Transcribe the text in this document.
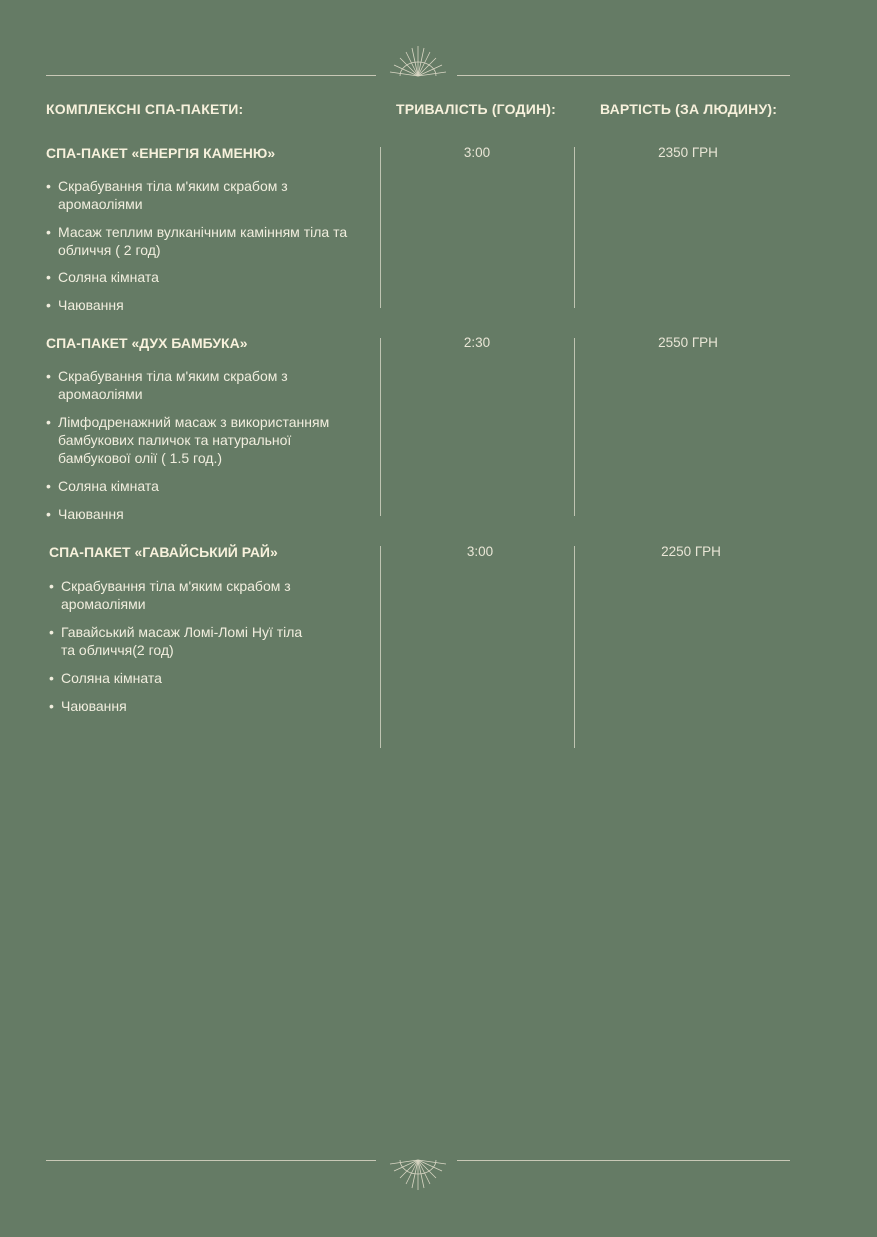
КОМПЛЕКСНІ СПА-ПАКЕТИ:	ТРИВАЛІСТЬ (ГОДИН):	ВАРТІСТЬ (ЗА ЛЮДИНУ):
СПА-ПАКЕТ «ЕНЕРГІЯ КАМЕНЮ»	3:00	2350 ГРН
• Скрабування тіла м'яким скрабом з
аромаоліями
• Масаж теплим вулканічним камінням тіла та
обличчя ( 2 год)
• Соляна кімната
• Чаювання
СПА-ПАКЕТ «ДУХ БАМБУКА»	2:30	2550 ГРН
• Скрабування тіла м'яким скрабом з
аромаоліями
• Лімфодренажний масаж з використанням
бамбукових паличок та натуральної
бамбукової олії ( 1.5 год.)
• Соляна кімната
• Чаювання
СПА-ПАКЕТ «ГАВАЙСЬКИЙ РАЙ»	3:00	2250 ГРН
• Скрабування тіла м'яким скрабом з
аромаоліями
• Гавайський масаж Ломі-Ломі Нуї тіла
та обличчя(2 год)
• Соляна кімната
• Чаювання
